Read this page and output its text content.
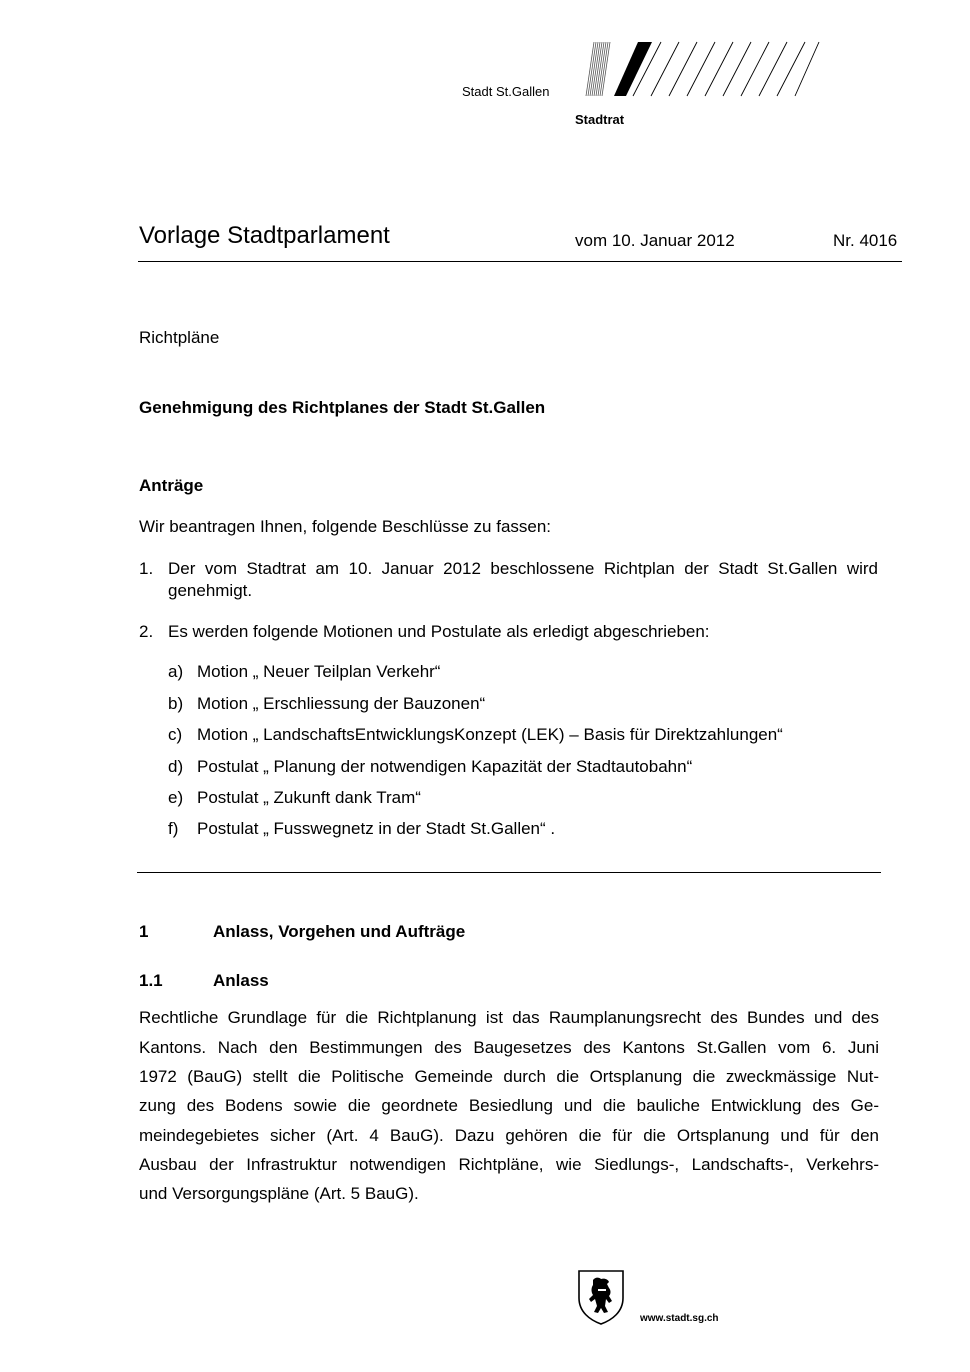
Stadt St.Gallen
Stadtrat
Vorlage Stadtparlament	vom 10. Januar 2012	Nr. 4016
Richtpläne
Genehmigung des Richtplanes der Stadt St.Gallen
Anträge
Wir beantragen Ihnen, folgende Beschlüsse zu fassen:
1. Der vom Stadtrat am 10. Januar 2012 beschlossene Richtplan der Stadt St.Gallen wird
genehmigt.
2. Es werden folgende Motionen und Postulate als erledigt abgeschrieben:
a) Motion „ Neuer Teilplan Verkehr“
b) Motion „ Erschliessung der Bauzonen“
c) Motion „ LandschaftsEntwicklungsKonzept (LEK) – Basis für Direktzahlungen“
d) Postulat „ Planung der notwendigen Kapazität der Stadtautobahn“
e) Postulat „ Zukunft dank Tram“
f) Postulat „ Fusswegnetz in der Stadt St.Gallen“ .
1	Anlass, Vorgehen und Aufträge
1.1	Anlass
Rechtliche Grundlage für die Richtplanung ist das Raumplanungsrecht des Bundes und des
Kantons. Nach den Bestimmungen des Baugesetzes des Kantons St.Gallen vom 6. Juni
1972 (BauG) stellt die Politische Gemeinde durch die Ortsplanung die zweckmässige Nut-
zung des Bodens sowie die geordnete Besiedlung und die bauliche Entwicklung des Ge-
meindegebietes sicher (Art. 4 BauG). Dazu gehören die für die Ortsplanung und für den
Ausbau der Infrastruktur notwendigen Richtpläne, wie Siedlungs-, Landschafts-, Verkehrs-
und Versorgungspläne (Art. 5 BauG).
www.stadt.sg.ch
